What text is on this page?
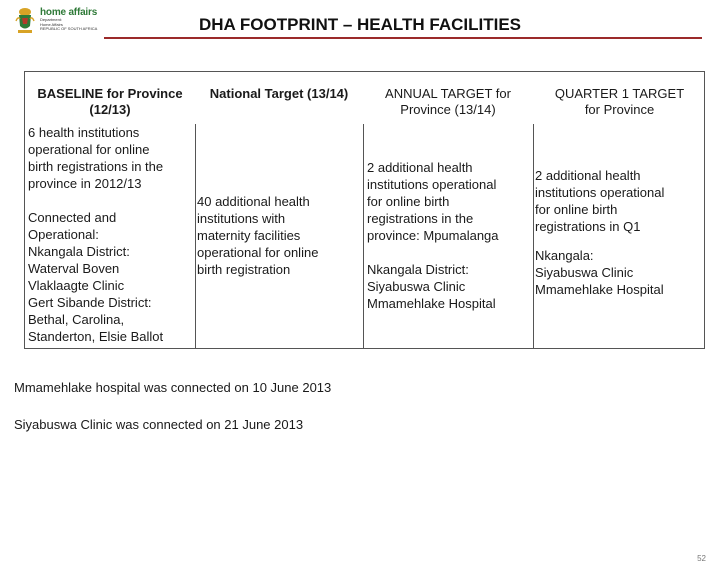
home affairs
Department:
Home Affairs
REPUBLIC OF SOUTH AFRICA	DHA FOOTPRINT – HEALTH FACILITIES
BASELINE for Province
(12/13)
National Target (13/14)	ANNUAL TARGET for
Province (13/14)
QUARTER 1 TARGET
for Province

6 health institutions
operational for online
birth registrations in the
province in 2012/13

Connected and
Operational:
Nkangala District:
Waterval Boven
Vlaklaagte Clinic
Gert Sibande District:
Bethal, Carolina,
Standerton, Elsie Ballot

40 additional health
institutions with
maternity facilities
operational for online
birth registration

2 additional health
institutions operational
for online birth
registrations in the
province: Mpumalanga

Nkangala District:
Siyabuswa Clinic
Mmamehlake Hospital

2 additional health
institutions operational
for online birth
registrations in Q1

Nkangala:
Siyabuswa Clinic
Mmamehlake Hospital

Mmamehlake hospital was connected on 10 June 2013
Siyabuswa Clinic was connected on 21 June 2013
52
